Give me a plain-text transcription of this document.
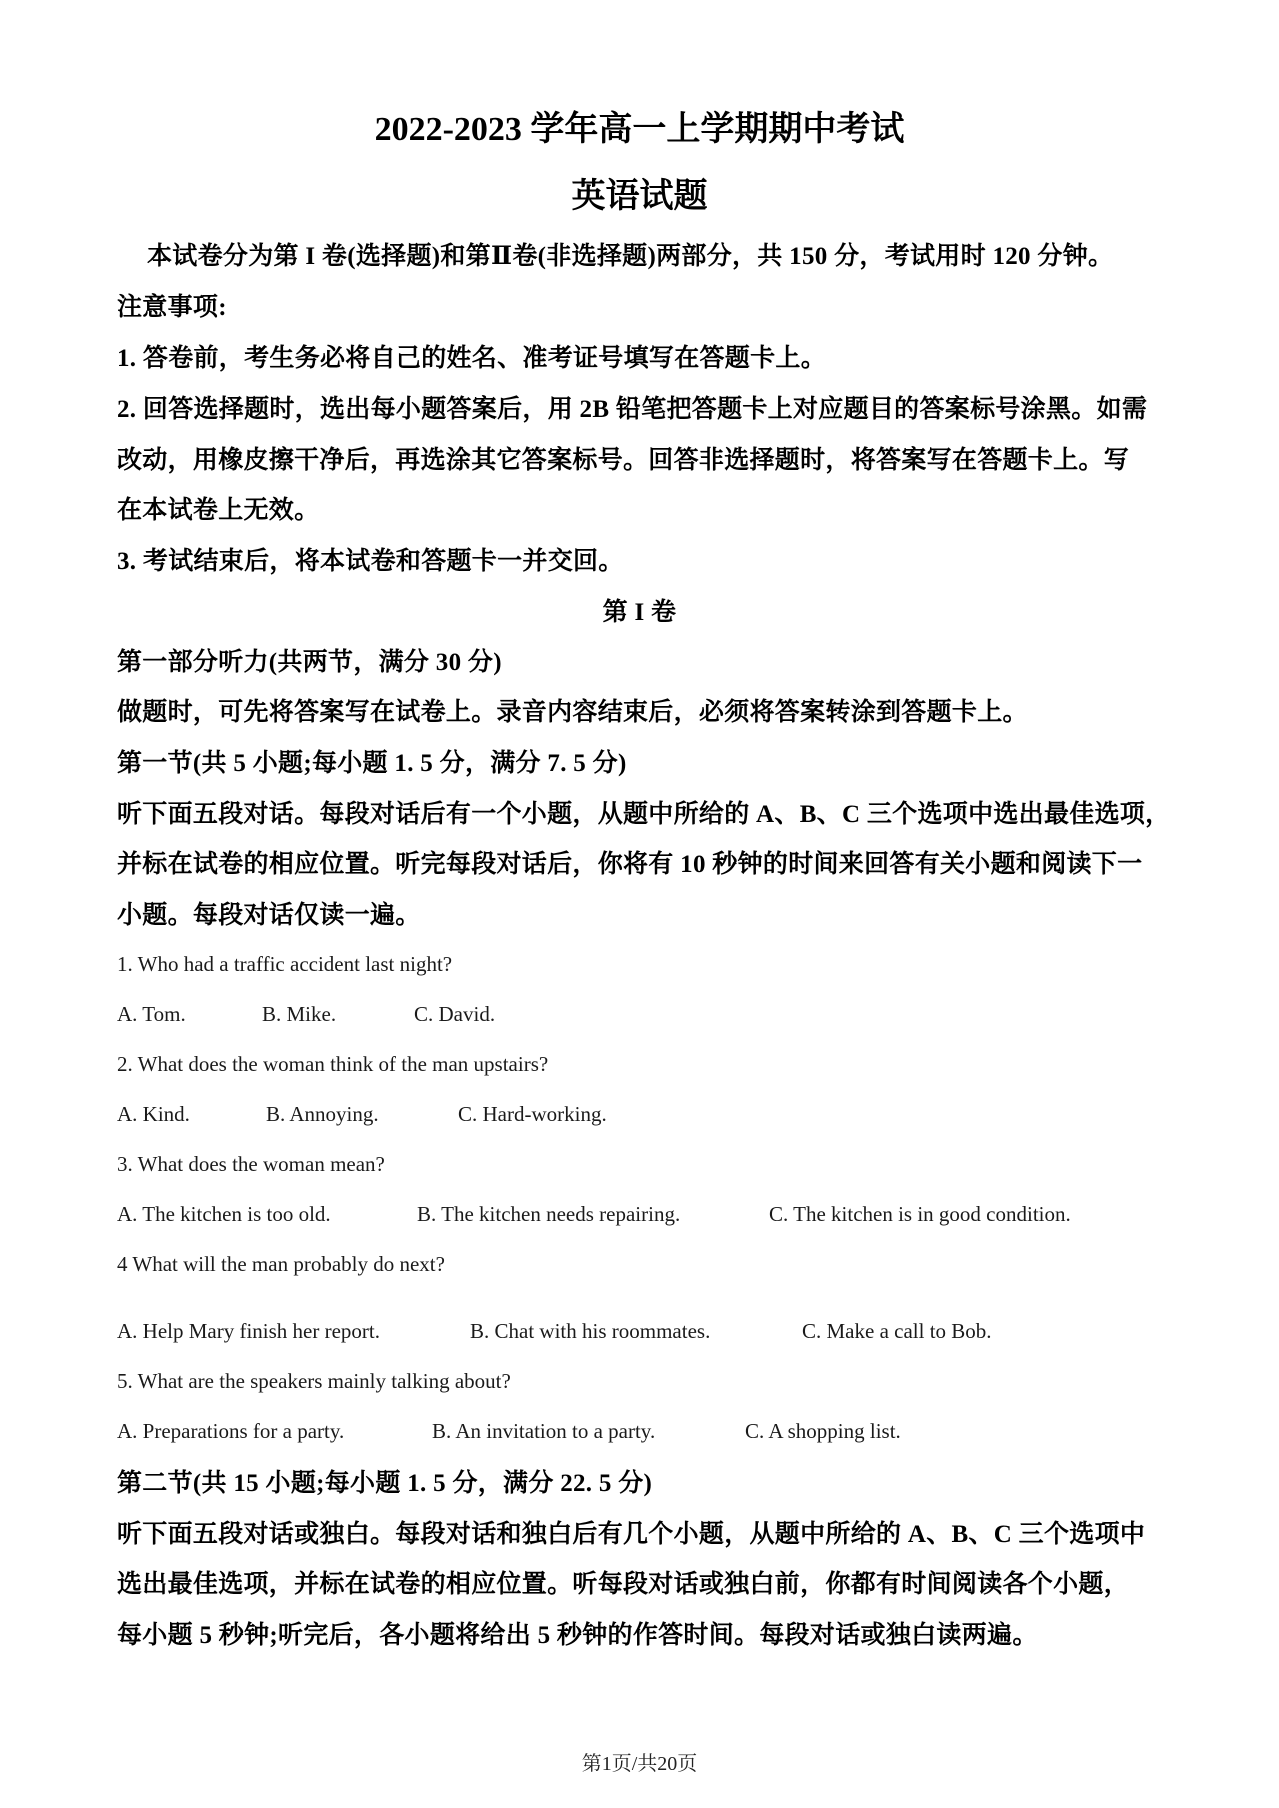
2022-2023 学年高一上学期期中考试
英语试题
本试卷分为第 I 卷(选择题)和第Ⅱ卷(非选择题)两部分，共 150 分，考试用时 120 分钟。
注意事项:
1. 答卷前，考生务必将自己的姓名、准考证号填写在答题卡上。
2. 回答选择题时，选出每小题答案后，用 2B 铅笔把答题卡上对应题目的答案标号涂黑。如需
改动，用橡皮擦干净后，再选涂其它答案标号。回答非选择题时，将答案写在答题卡上。写
在本试卷上无效。
3. 考试结束后，将本试卷和答题卡一并交回。
第 I 卷
第一部分听力(共两节，满分 30 分)
做题时，可先将答案写在试卷上。录音内容结束后，必须将答案转涂到答题卡上。
第一节(共 5 小题;每小题 1. 5 分，满分 7. 5 分)
听下面五段对话。每段对话后有一个小题，从题中所给的 A、B、C 三个选项中选出最佳选项，
并标在试卷的相应位置。听完每段对话后，你将有 10 秒钟的时间来回答有关小题和阅读下一
小题。每段对话仅读一遍。
1. Who had a traffic accident last night?
A. Tom.	B. Mike.	C. David.
2. What does the woman think of the man upstairs?
A. Kind.	B. Annoying.	C. Hard-working.
3. What does the woman mean?
A. The kitchen is too old.	B. The kitchen needs repairing.	C. The kitchen is in good condition.
4 What will the man probably do next?
A. Help Mary finish her report.	B. Chat with his roommates.	C. Make a call to Bob.
5. What are the speakers mainly talking about?
A. Preparations for a party.	B. An invitation to a party.	C. A shopping list.
第二节(共 15 小题;每小题 1. 5 分，满分 22. 5 分)
听下面五段对话或独白。每段对话和独白后有几个小题，从题中所给的 A、B、C 三个选项中
选出最佳选项，并标在试卷的相应位置。听每段对话或独白前，你都有时间阅读各个小题，
每小题 5 秒钟;听完后，各小题将给出 5 秒钟的作答时间。每段对话或独白读两遍。
第1页/共20页
